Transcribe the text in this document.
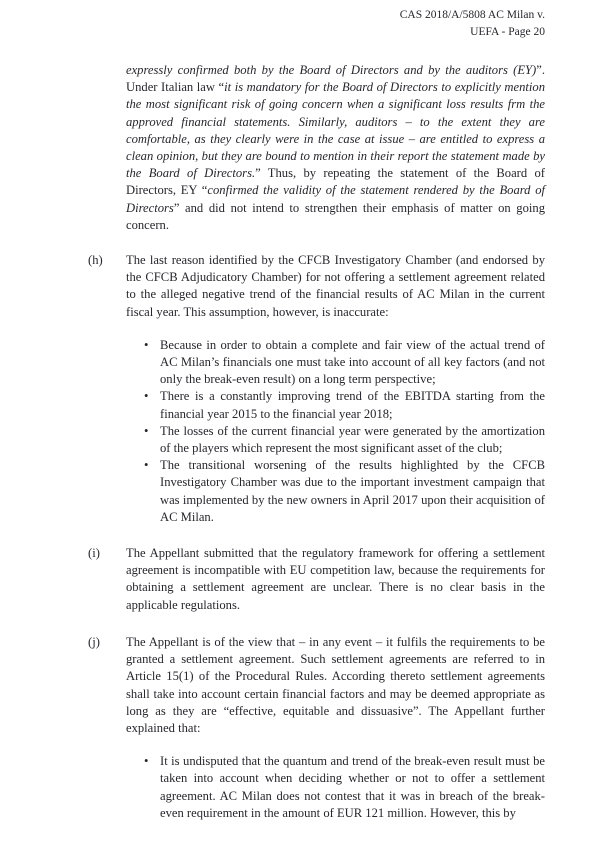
CAS 2018/A/5808 AC Milan v.
UEFA - Page 20

expressly confirmed both by the Board of Directors and by the auditors (EY)”. Under Italian law “it is mandatory for the Board of Directors to explicitly mention the most significant risk of going concern when a significant loss results frm the approved financial statements. Similarly, auditors – to the extent they are comfortable, as they clearly were in the case at issue – are entitled to express a clean opinion, but they are bound to mention in their report the statement made by the Board of Directors.” Thus, by repeating the statement of the Board of Directors, EY “confirmed the validity of the statement rendered by the Board of Directors” and did not intend to strengthen their emphasis of matter on going concern.

(h)	The last reason identified by the CFCB Investigatory Chamber (and endorsed by the CFCB Adjudicatory Chamber) for not offering a settlement agreement related to the alleged negative trend of the financial results of AC Milan in the current fiscal year. This assumption, however, is inaccurate:

• Because in order to obtain a complete and fair view of the actual trend of AC Milan’s financials one must take into account of all key factors (and not only the break-even result) on a long term perspective;
• There is a constantly improving trend of the EBITDA starting from the financial year 2015 to the financial year 2018;
• The losses of the current financial year were generated by the amortization of the players which represent the most significant asset of the club;
• The transitional worsening of the results highlighted by the CFCB Investigatory Chamber was due to the important investment campaign that was implemented by the new owners in April 2017 upon their acquisition of AC Milan.
(i)	The Appellant submitted that the regulatory framework for offering a settlement agreement is incompatible with EU competition law, because the requirements for obtaining a settlement agreement are unclear. There is no clear basis in the applicable regulations.

(j)	The Appellant is of the view that – in any event – it fulfils the requirements to be granted a settlement agreement. Such settlement agreements are referred to in Article 15(1) of the Procedural Rules. According thereto settlement agreements shall take into account certain financial factors and may be deemed appropriate as long as they are “effective, equitable and dissuasive”. The Appellant further explained that:

• It is undisputed that the quantum and trend of the break-even result must be taken into account when deciding whether or not to offer a settlement agreement. AC Milan does not contest that it was in breach of the break-even requirement in the amount of EUR 121 million. However, this by
